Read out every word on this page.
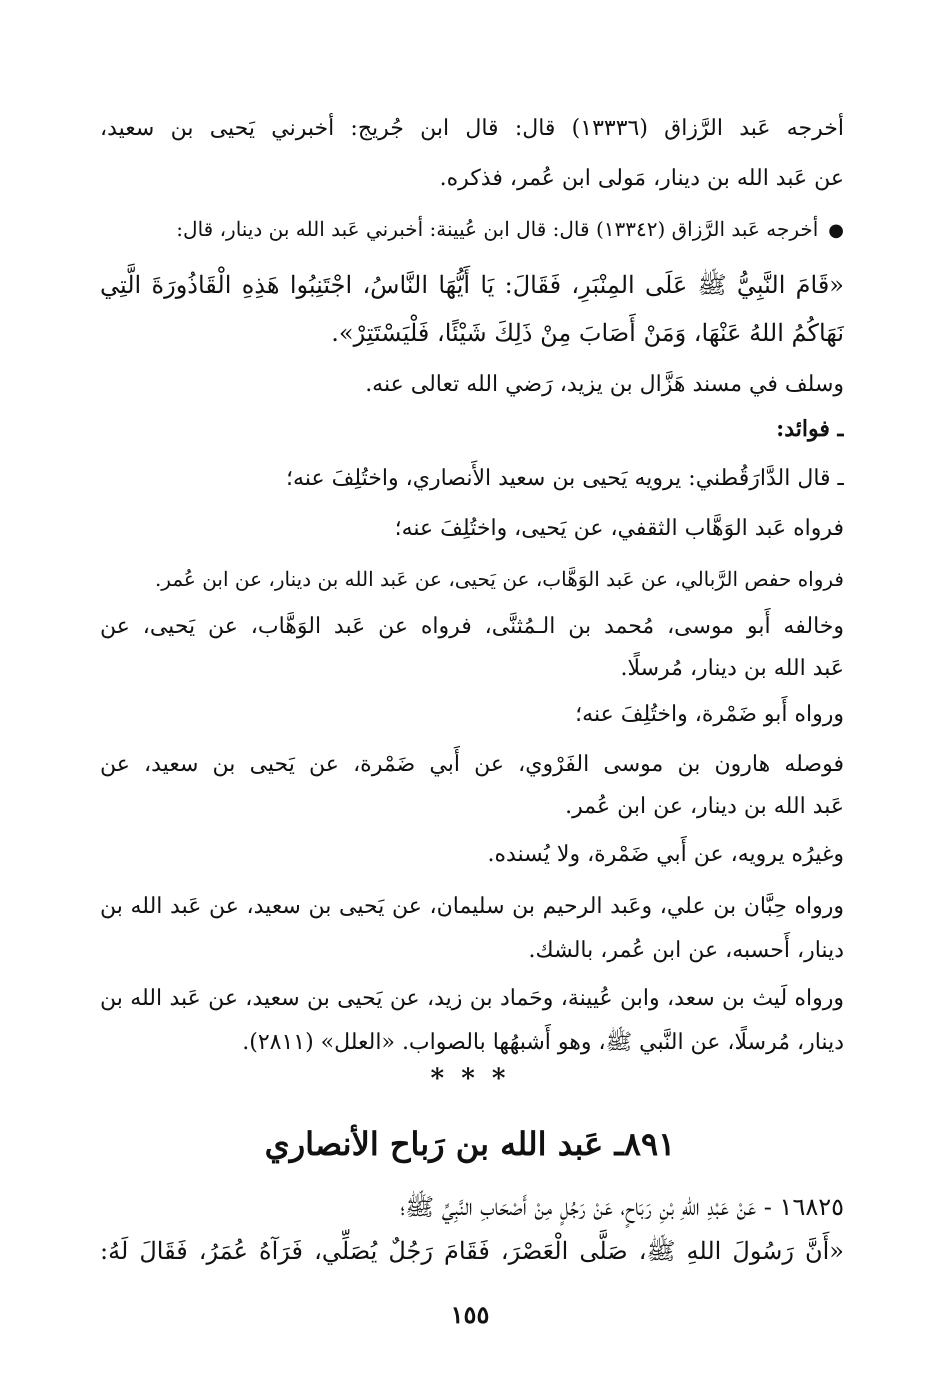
أخرجه عَبد الرَّزاق (١٣٣٣٦) قال: قال ابن جُريج: أخبرني يَحيى بن سعيد،
عن عَبد الله بن دينار، مَولى ابن عُمر، فذكره.
●أخرجه عَبد الرَّزاق (١٣٣٤٢) قال: قال ابن عُيينة: أخبرني عَبد الله بن دينار، قال:
«قَامَ النَّبِيُّ ﷺ عَلَى المِنْبَرِ، فَقَالَ: يَا أَيُّهَا النَّاسُ، اجْتَنِبُوا هَذِهِ الْقَاذُورَةَ الَّتِي
نَهَاكُمُ اللهُ عَنْهَا، وَمَنْ أَصَابَ مِنْ ذَلِكَ شَيْئًا، فَلْيَسْتَتِرْ».
وسلف في مسند هَزَّال بن يزيد، رَضي الله تعالى عنه.
ـ فوائد:
ـ قال الدَّارَقُطني: يرويه يَحيى بن سعيد الأَنصاري، واختُلِفَ عنه؛
فرواه عَبد الوَهَّاب الثقفي، عن يَحيى، واختُلِفَ عنه؛
فرواه حفص الرَّبالي، عن عَبد الوَهَّاب، عن يَحيى، عن عَبد الله بن دينار، عن ابن عُمر.
وخالفه أَبو موسى، مُحمد بن الـمُثنَّى، فرواه عن عَبد الوَهَّاب، عن يَحيى، عن
عَبد الله بن دينار، مُرسلًا.
ورواه أَبو ضَمْرة، واختُلِفَ عنه؛
فوصله هارون بن موسى الفَرْوي، عن أَبي ضَمْرة، عن يَحيى بن سعيد، عن
عَبد الله بن دينار، عن ابن عُمر.
وغيرُه يرويه، عن أَبي ضَمْرة، ولا يُسنده.
ورواه حِبَّان بن علي، وعَبد الرحيم بن سليمان، عن يَحيى بن سعيد، عن عَبد الله بن
دينار، أَحسبه، عن ابن عُمر، بالشك.
ورواه لَيث بن سعد، وابن عُيينة، وحَماد بن زيد، عن يَحيى بن سعيد، عن عَبد الله بن
دينار، مُرسلًا، عن النَّبي ﷺ، وهو أَشبهُها بالصواب. «العلل» (٢٨١١).
* * *
٨٩١ـ عَبد الله بن رَباح الأنصاري
١٦٨٢٥ - عَنْ عَبْدِ اللهِ بْنِ رَبَاحٍ، عَنْ رَجُلٍ مِنْ أَصْحَابِ النَّبِيِّ ﷺ؛
«أَنَّ رَسُولَ اللهِ ﷺ، صَلَّى الْعَصْرَ، فَقَامَ رَجُلٌ يُصَلِّي، فَرَآهُ عُمَرُ، فَقَالَ لَهُ:
١٥٥
